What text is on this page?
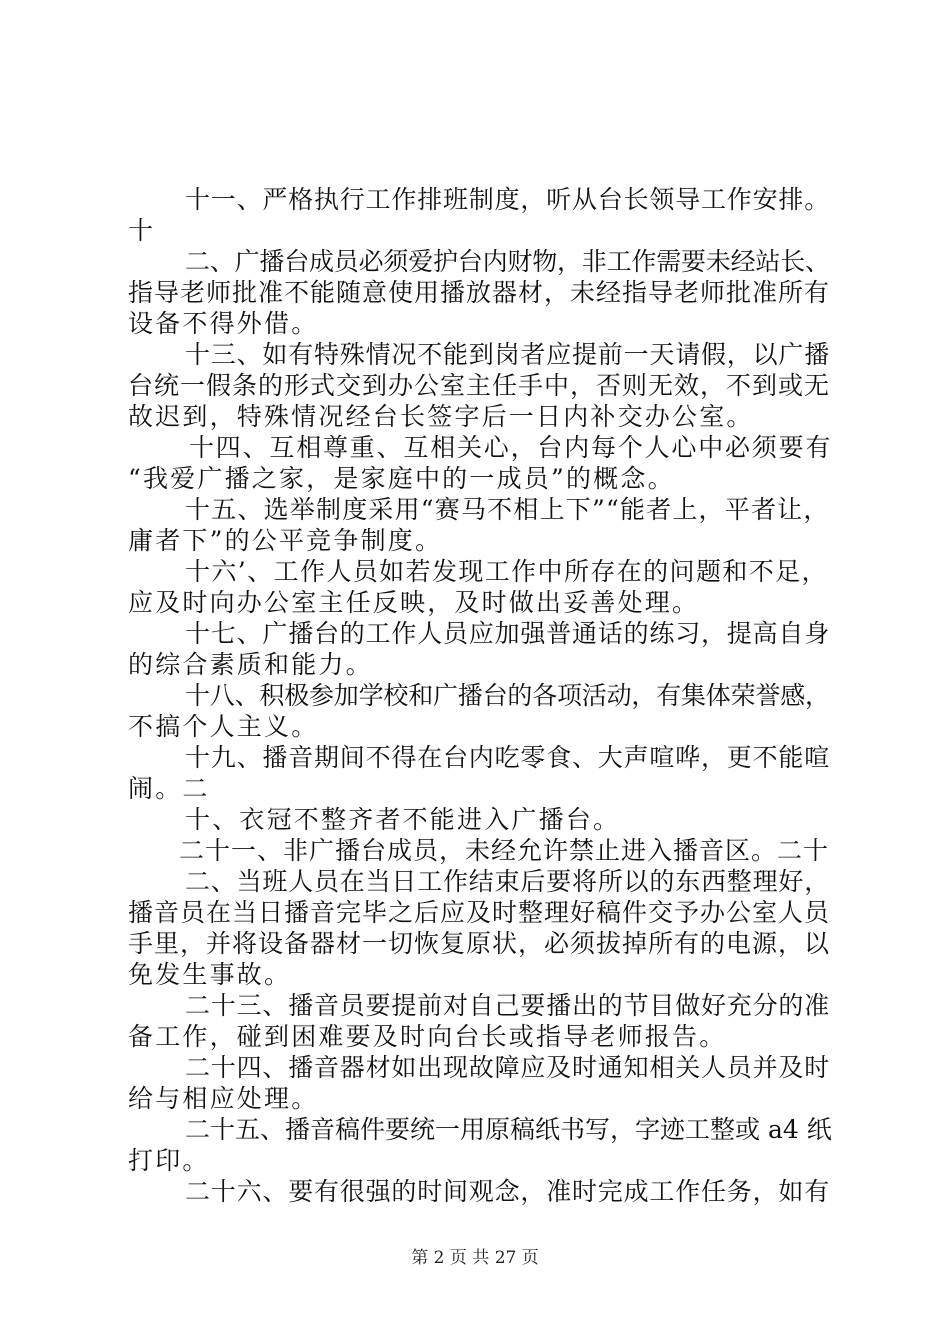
十一、严格执行工作排班制度，听从台长领导工作安排。
十
二、广播台成员必须爱护台内财物，非工作需要未经站长、
指导老师批准不能随意使用播放器材，未经指导老师批准所有
设备不得外借。
十三、如有特殊情况不能到岗者应提前一天请假，以广播
台统一假条的形式交到办公室主任手中，否则无效，不到或无
故迟到，特殊情况经台长签字后一日内补交办公室。
十四、互相尊重、互相关心，台内每个人心中必须要有
“我爱广播之家，是家庭中的一成员”的概念。
十五、选举制度采用“赛马不相上下”“能者上，平者让，
庸者下”的公平竞争制度。
十六’、工作人员如若发现工作中所存在的问题和不足，
应及时向办公室主任反映，及时做出妥善处理。
十七、广播台的工作人员应加强普通话的练习，提高自身
的综合素质和能力。
十八、积极参加学校和广播台的各项活动，有集体荣誉感，
不搞个人主义。
十九、播音期间不得在台内吃零食、大声喧哗，更不能喧
闹。二
十、衣冠不整齐者不能进入广播台。
二十一、非广播台成员，未经允许禁止进入播音区。二十
二、当班人员在当日工作结束后要将所以的东西整理好，
播音员在当日播音完毕之后应及时整理好稿件交予办公室人员
手里，并将设备器材一切恢复原状，必须拔掉所有的电源，以
免发生事故。
二十三、播音员要提前对自己要播出的节目做好充分的准
备工作，碰到困难要及时向台长或指导老师报告。
二十四、播音器材如出现故障应及时通知相关人员并及时
给与相应处理。
二十五、播音稿件要统一用原稿纸书写，字迹工整或 a4 纸
打印。
二十六、要有很强的时间观念，准时完成工作任务，如有
第 2 页 共 27 页
